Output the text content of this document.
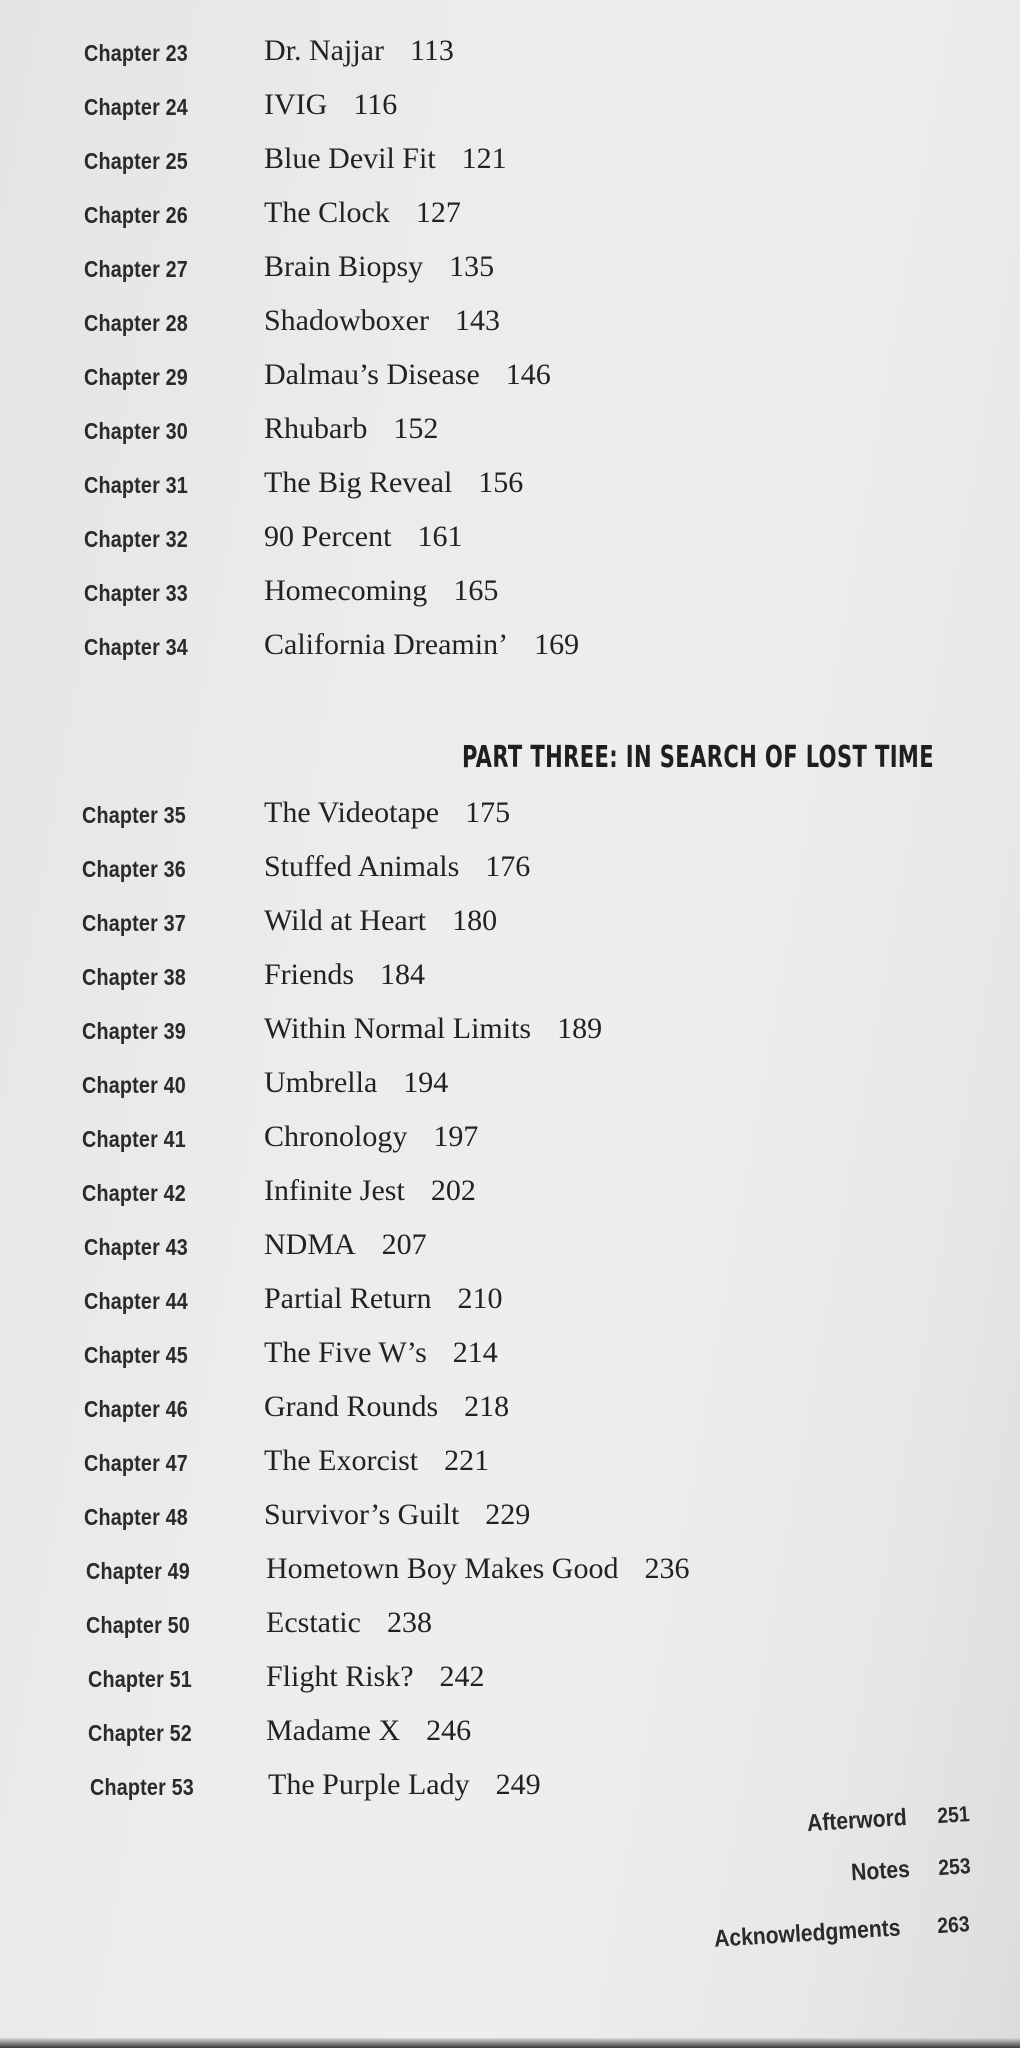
Chapter 23	Dr. Najjar 113
Chapter 24	IVIG 116
Chapter 25	Blue Devil Fit 121
Chapter 26	The Clock 127
Chapter 27	Brain Biopsy 135
Chapter 28	Shadowboxer 143
Chapter 29	Dalmau’s Disease 146
Chapter 30	Rhubarb 152
Chapter 31	The Big Reveal 156
Chapter 32	90 Percent 161
Chapter 33	Homecoming 165
Chapter 34	California Dreamin’ 169
PART THREE: IN SEARCH OF LOST TIME
Chapter 35	The Videotape 175
Chapter 36	Stuffed Animals 176
Chapter 37	Wild at Heart 180
Chapter 38	Friends 184
Chapter 39	Within Normal Limits 189
Chapter 40	Umbrella 194
Chapter 41	Chronology 197
Chapter 42	Infinite Jest 202
Chapter 43	NDMA 207
Chapter 44	Partial Return 210
Chapter 45	The Five W’s 214
Chapter 46	Grand Rounds 218
Chapter 47	The Exorcist 221
Chapter 48	Survivor’s Guilt 229
Chapter 49	Hometown Boy Makes Good 236
Chapter 50	Ecstatic 238
Chapter 51 Flight Risk? 242
Chapter 52 Madame X 246
Chapter 53 The Purple Lady 249
Afterword 251
Notes 253
Acknowledgments 263
